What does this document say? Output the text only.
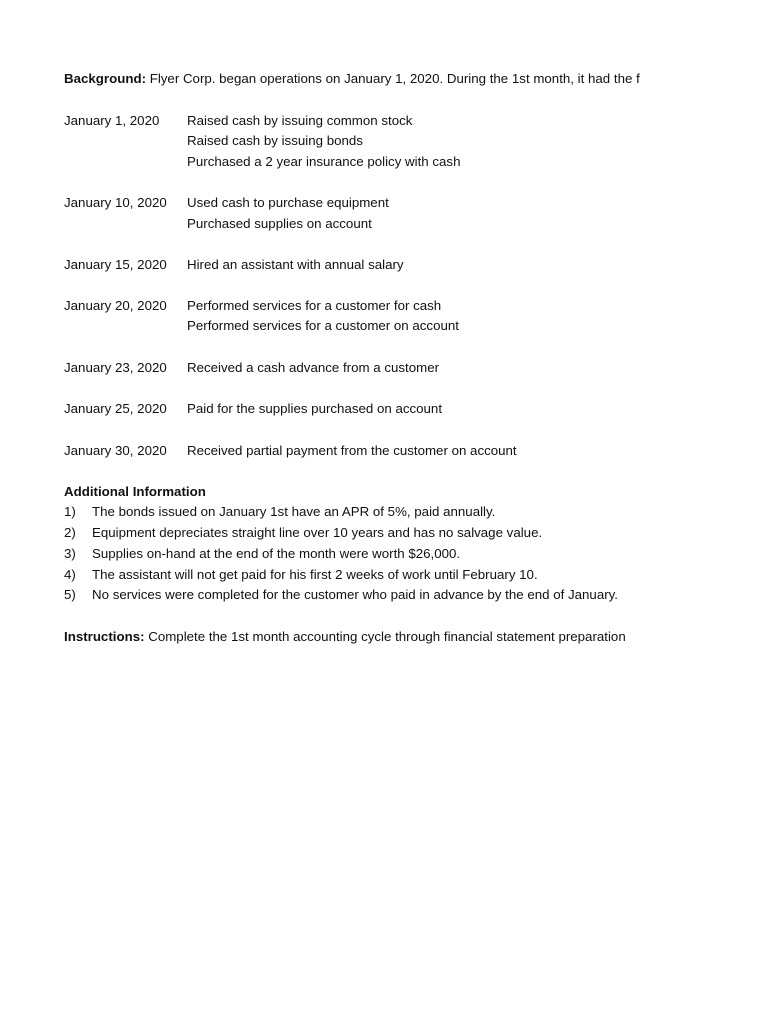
Background: Flyer Corp. began operations on January 1, 2020. During the 1st month, it had the f
January 1, 2020 Raised cash by issuing common stock
Raised cash by issuing bonds
Purchased a 2 year insurance policy with cash
January 10, 2020 Used cash to purchase equipment
Purchased supplies on account
January 15, 2020 Hired an assistant with annual salary
January 20, 2020 Performed services for a customer for cash
Performed services for a customer on account
January 23, 2020 Received a cash advance from a customer
January 25, 2020 Paid for the supplies purchased on account
January 30, 2020 Received partial payment from the customer on account
Additional Information
1) The bonds issued on January 1st have an APR of 5%, paid annually.
2) Equipment depreciates straight line over 10 years and has no salvage value.
3) Supplies on-hand at the end of the month were worth $26,000.
4) The assistant will not get paid for his first 2 weeks of work until February 10.
5) No services were completed for the customer who paid in advance by the end of January.
Instructions: Complete the 1st month accounting cycle through financial statement preparation
